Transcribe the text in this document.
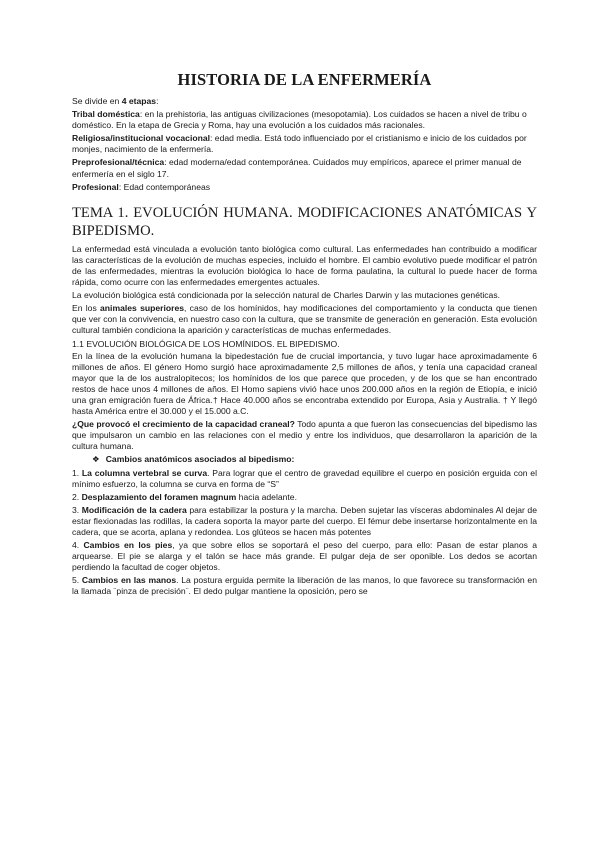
HISTORIA DE LA ENFERMERÍA

Se divide en 4 etapas:

Tribal doméstica: en la prehistoria, las antiguas civilizaciones (mesopotamia). Los cuidados se hacen a nivel de tribu o doméstico. En la etapa de Grecia y Roma, hay una evolución a los cuidados más racionales.

Religiosa/institucional vocacional: edad media. Está todo influenciado por el cristianismo e inicio de los cuidados por monjes, nacimiento de la enfermería.

Preprofesional/técnica: edad moderna/edad contemporánea. Cuidados muy empíricos, aparece el primer manual de enfermería en el siglo 17.

Profesional: Edad contemporáneas

TEMA 1. EVOLUCIÓN HUMANA. MODIFICACIONES ANATÓMICAS Y BIPEDISMO.

La enfermedad está vinculada a evolución tanto biológica como cultural. Las enfermedades han contribuido a modificar las características de la evolución de muchas especies, incluido el hombre. El cambio evolutivo puede modificar el patrón de las enfermedades, mientras la evolución biológica lo hace de forma paulatina, la cultural lo puede hacer de forma rápida, como ocurre con las enfermedades emergentes actuales.

La evolución biológica está condicionada por la selección natural de Charles Darwin y las mutaciones genéticas.

En los animales superiores, caso de los homínidos, hay modificaciones del comportamiento y la conducta que tienen que ver con la convivencia, en nuestro caso con la cultura, que se transmite de generación en generación. Esta evolución cultural también condiciona la aparición y características de muchas enfermedades.

1.1 EVOLUCIÓN BIOLÓGICA DE LOS HOMÍNIDOS. EL BIPEDISMO.

En la línea de la evolución humana la bipedestación fue de crucial importancia, y tuvo lugar hace aproximadamente 6 millones de años. El género Homo surgió hace aproximadamente 2,5 millones de años, y tenía una capacidad craneal mayor que la de los australopitecos; los homínidos de los que parece que proceden, y de los que se han encontrado restos de hace unos 4 millones de años. El Homo sapiens vivió hace unos 200.000 años en la región de Etiopía, e inició una gran emigración fuera de África.† Hace 40.000 años se encontraba extendido por Europa, Asia y Australia. † Y llegó hasta América entre el 30.000 y el 15.000 a.C.

¿Que provocó el crecimiento de la capacidad craneal? Todo apunta a que fueron las consecuencias del bipedismo las que impulsaron un cambio en las relaciones con el medio y entre los individuos, que desarrollaron la aparición de la cultura humana.

❖ Cambios anatómicos asociados al bipedismo:

1. La columna vertebral se curva. Para lograr que el centro de gravedad equilibre el cuerpo en posición erguida con el mínimo esfuerzo, la columna se curva en forma de “S”

2. Desplazamiento del foramen magnum hacia adelante.

3. Modificación de la cadera para estabilizar la postura y la marcha. Deben sujetar las vísceras abdominales Al dejar de estar flexionadas las rodillas, la cadera soporta la mayor parte del cuerpo. El fémur debe insertarse horizontalmente en la cadera, que se acorta, aplana y redondea. Los glúteos se hacen más potentes

4. Cambios en los pies, ya que sobre ellos se soportará el peso del cuerpo, para ello: Pasan de estar planos a arquearse. El pie se alarga y el talón se hace más grande. El pulgar deja de ser oponible. Los dedos se acortan perdiendo la facultad de coger objetos.

5. Cambios en las manos. La postura erguida permite la liberación de las manos, lo que favorece su transformación en la llamada ¨pinza de precisión¨. El dedo pulgar mantiene la oposición, pero se
